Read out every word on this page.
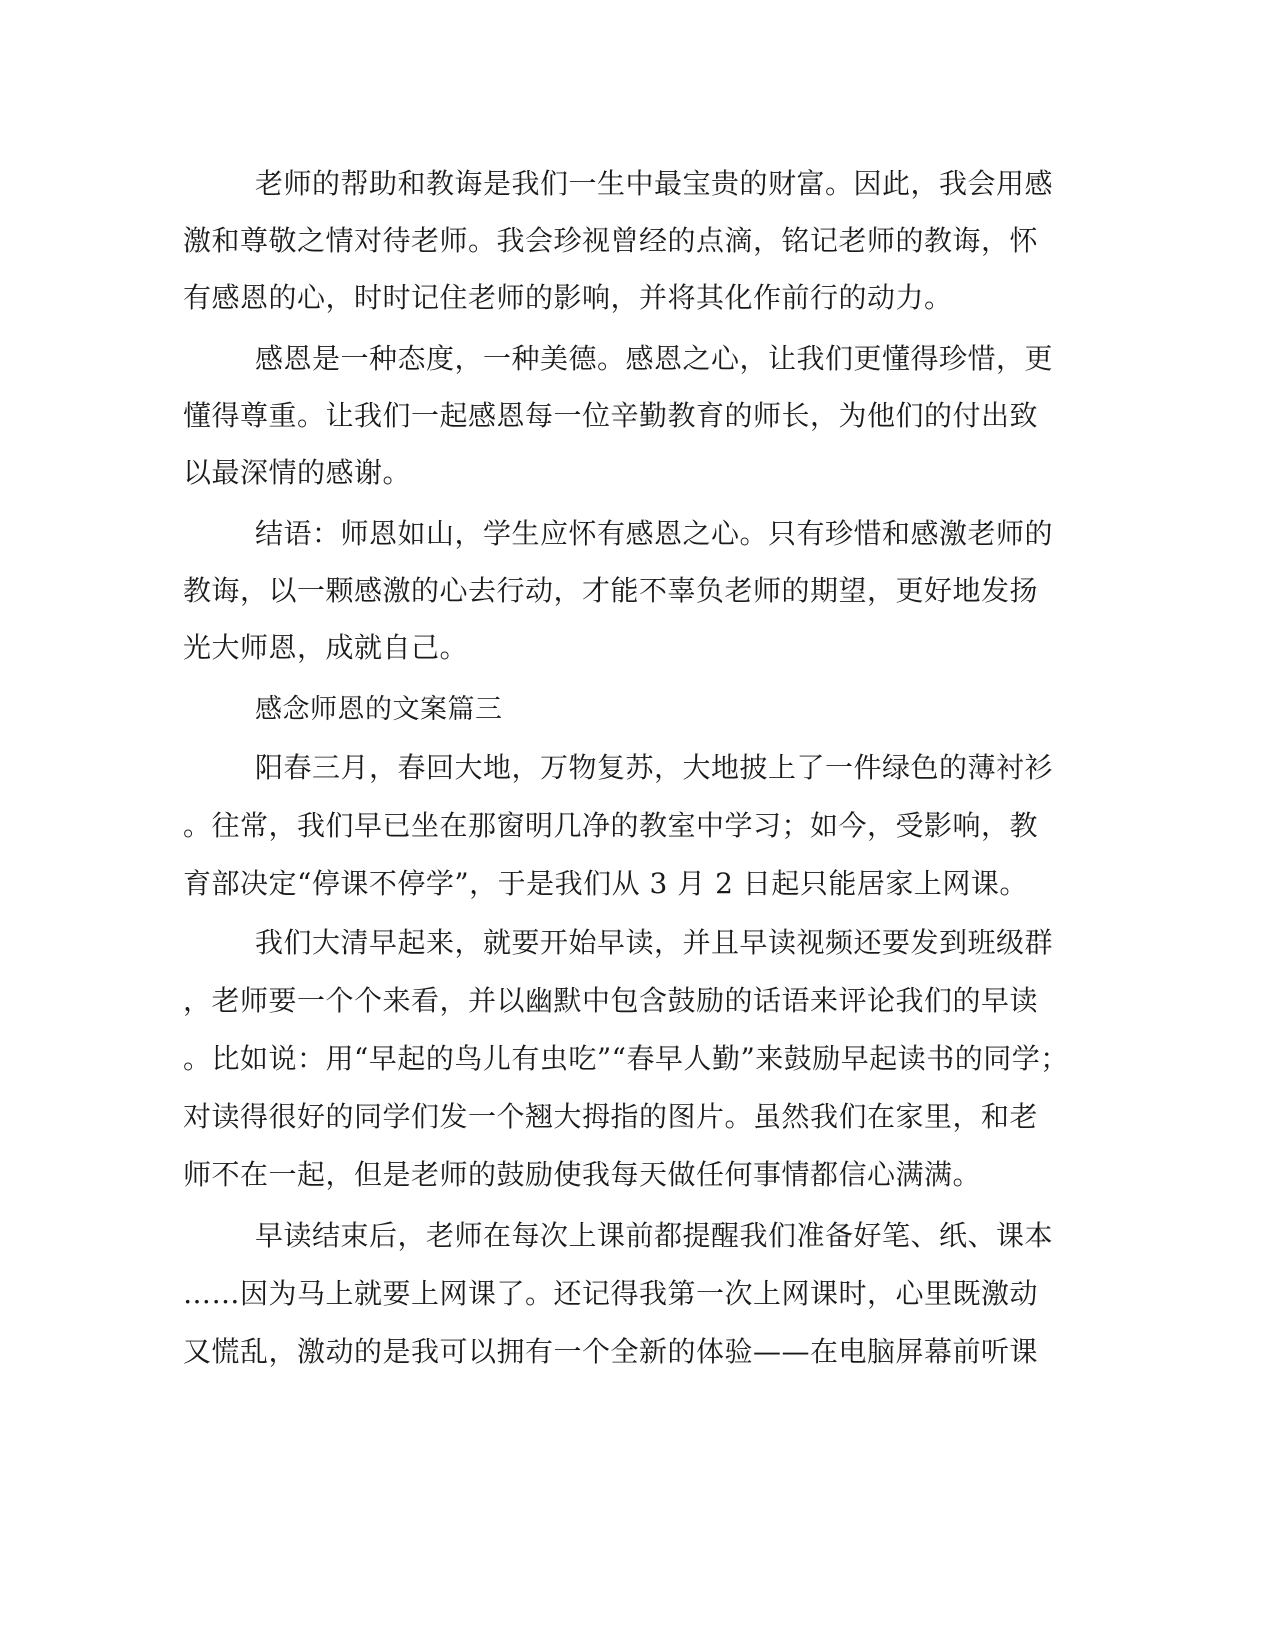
老师的帮助和教诲是我们一生中最宝贵的财富。因此，我会用感
激和尊敬之情对待老师。我会珍视曾经的点滴，铭记老师的教诲，怀
有感恩的心，时时记住老师的影响，并将其化作前行的动力。
感恩是一种态度，一种美德。感恩之心，让我们更懂得珍惜，更
懂得尊重。让我们一起感恩每一位辛勤教育的师长，为他们的付出致
以最深情的感谢。
结语：师恩如山，学生应怀有感恩之心。只有珍惜和感激老师的
教诲，以一颗感激的心去行动，才能不辜负老师的期望，更好地发扬
光大师恩，成就自己。
感念师恩的文案篇三
阳春三月，春回大地，万物复苏，大地披上了一件绿色的薄衬衫
。往常，我们早已坐在那窗明几净的教室中学习；如今，受影响，教
育部决定“停课不停学”，于是我们从 3 月 2 日起只能居家上网课。
我们大清早起来，就要开始早读，并且早读视频还要发到班级群
，老师要一个个来看，并以幽默中包含鼓励的话语来评论我们的早读
。比如说：用“早起的鸟儿有虫吃”“春早人勤”来鼓励早起读书的同学；
对读得很好的同学们发一个翘大拇指的图片。虽然我们在家里，和老
师不在一起，但是老师的鼓励使我每天做任何事情都信心满满。
早读结束后，老师在每次上课前都提醒我们准备好笔、纸、课本
……因为马上就要上网课了。还记得我第一次上网课时，心里既激动
又慌乱，激动的是我可以拥有一个全新的体验——在电脑屏幕前听课
